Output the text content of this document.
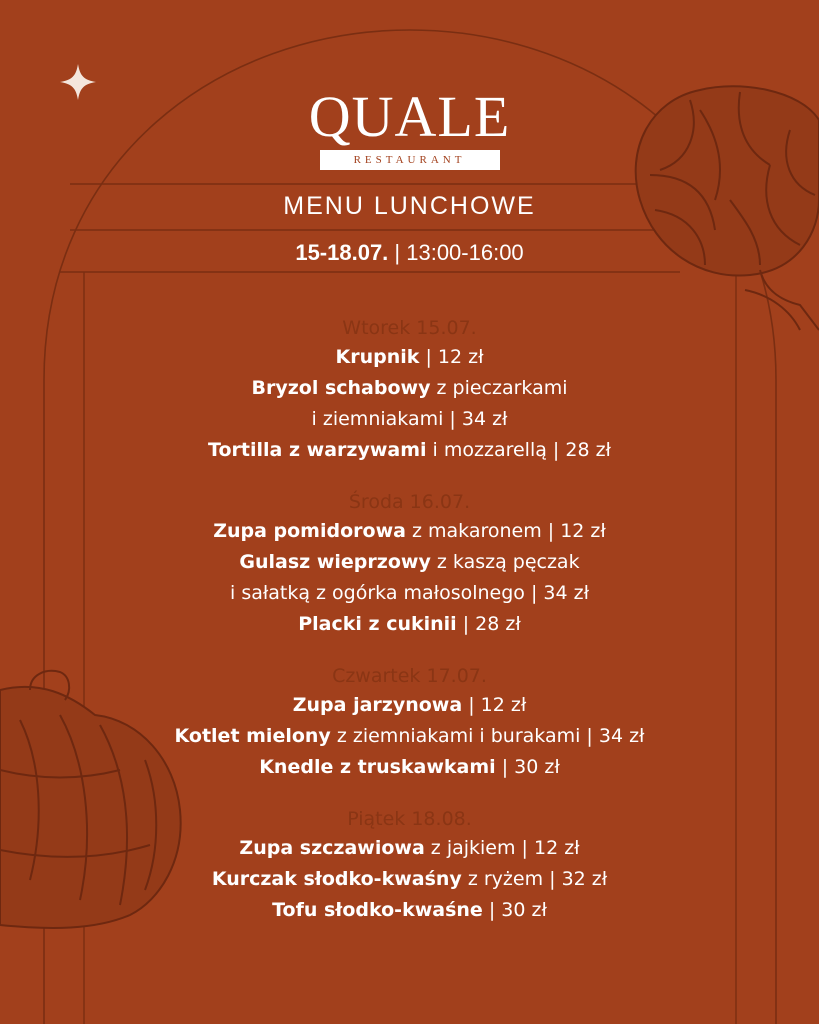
QUALE
RESTAURANT
MENU LUNCHOWE
15-18.07. | 13:00-16:00
Wtorek 15.07.
Krupnik | 12 zł
Bryzol schabowy z pieczarkami
i ziemniakami | 34 zł
Tortilla z warzywami i mozzarellą | 28 zł
Środa 16.07.
Zupa pomidorowa z makaronem | 12 zł
Gulasz wieprzowy z kaszą pęczak
i sałatką z ogórka małosolnego | 34 zł
Placki z cukinii | 28 zł
Czwartek 17.07.
Zupa jarzynowa | 12 zł
Kotlet mielony z ziemniakami i burakami | 34 zł
Knedle z truskawkami | 30 zł
Piątek 18.08.
Zupa szczawiowa z jajkiem | 12 zł
Kurczak słodko-kwaśny z ryżem | 32 zł
Tofu słodko-kwaśne | 30 zł
